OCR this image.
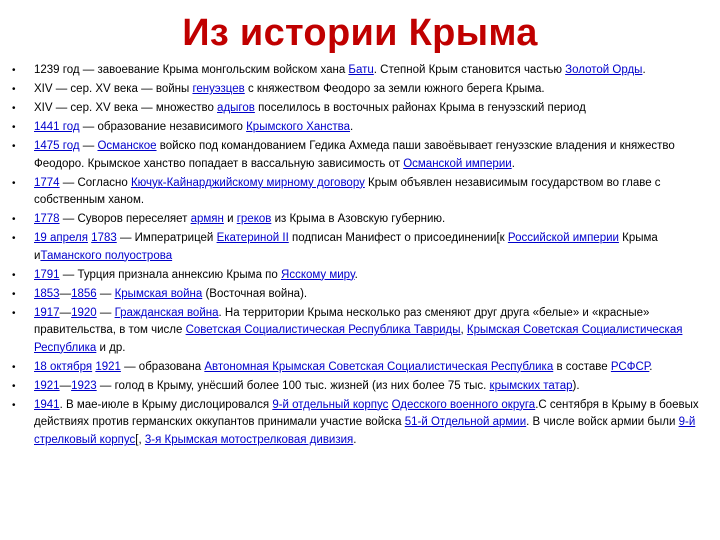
Из истории Крыма
• 1239 год — завоевание Крыма монгольским войском хана Батu. Степной Крым становится частью Золотой Орды.
• XIV — сер. XV века — войны генуэзцев с княжеством Феодоро за земли южного берега Крыма.
• XIV — сер. XV века — множество адыгов поселилось в восточных районах Крыма в генуэзский период
• 1441 год — образование независимого Крымского Ханства.
• 1475 год — Османское войско под командованием Гедика Ахмеда паши завоёвывает генуэзские владения и княжество Феодоро. Крымское ханство попадает в вассальную зависимость от Османской империи.
• 1774 — Согласно Кючук-Кайнарджийскому мирному договору Крым объявлен независимым государством во главе с собственным ханом.
• 1778 — Суворов переселяет армян и греков из Крыма в Азовскую губернию.
• 19 апреля 1783 — Императрицей Екатериной II подписан Манифест о присоединении[к Российской империи Крыма иТаманского полуострова
• 1791 — Турция признала аннексию Крыма по Ясскому миру.
• 1853—1856 — Крымская война (Восточная война).
• 1917—1920 — Гражданская война. На территории Крыма несколько раз сменяют друг друга «белые» и «красные» правительства, в том числе Советская Социалистическая Республика Тавриды, Крымская Советская Социалистическая Республика и др.
• 18 октября 1921 — образована Автономная Крымская Советская Социалистическая Республика в составе РСФСР.
• 1921—1923 — голод в Крыму, унёсший более 100 тыс. жизней (из них более 75 тыс. крымских татар).
• 1941. В мае-июле в Крыму дислоцировался 9-й отдельный корпус Одесского военного округа.С сентября в Крыму в боевых действиях против германских оккупантов принимали участие войска 51-й Отдельной армии. В числе войск армии были 9-й стрелковый корпус[, 3-я Крымская мотострелковая дивизия.
